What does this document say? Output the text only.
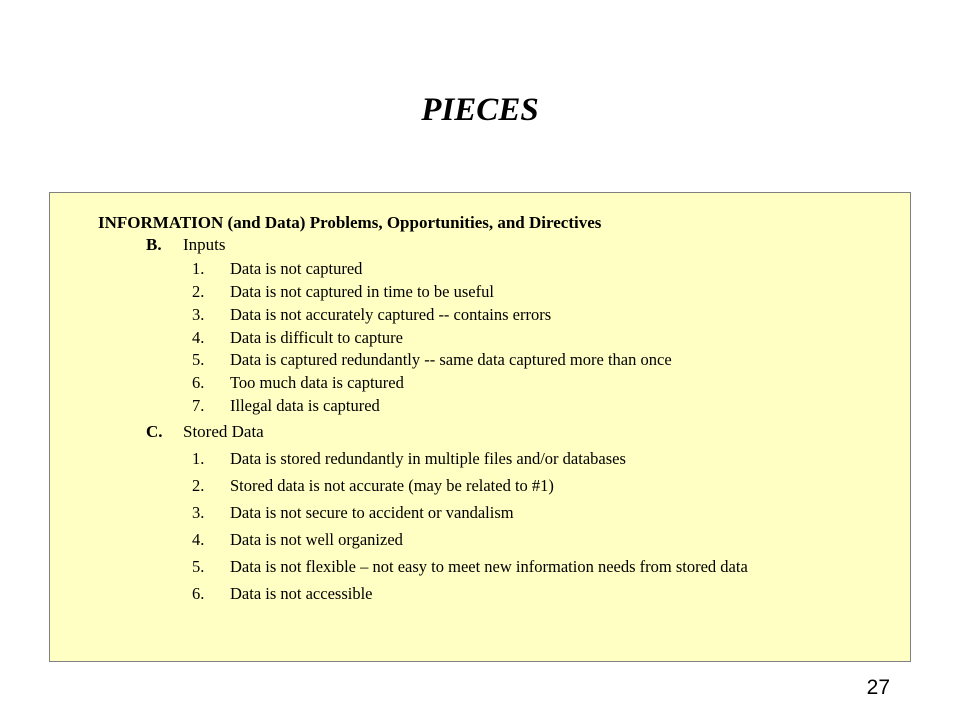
PIECES
INFORMATION (and Data) Problems, Opportunities, and Directives
B. Inputs
1. Data is not captured
2. Data is not captured in time to be useful
3. Data is not accurately captured -- contains errors
4. Data is difficult to capture
5. Data is captured redundantly -- same data captured more than once
6. Too much data is captured
7. Illegal data is captured
C. Stored Data
1. Data is stored redundantly in multiple files and/or databases
2. Stored data is not accurate (may be related to #1)
3. Data is not secure to accident or vandalism
4. Data is not well organized
5. Data is not flexible – not easy to meet new information needs from stored data
6. Data is not accessible
27
